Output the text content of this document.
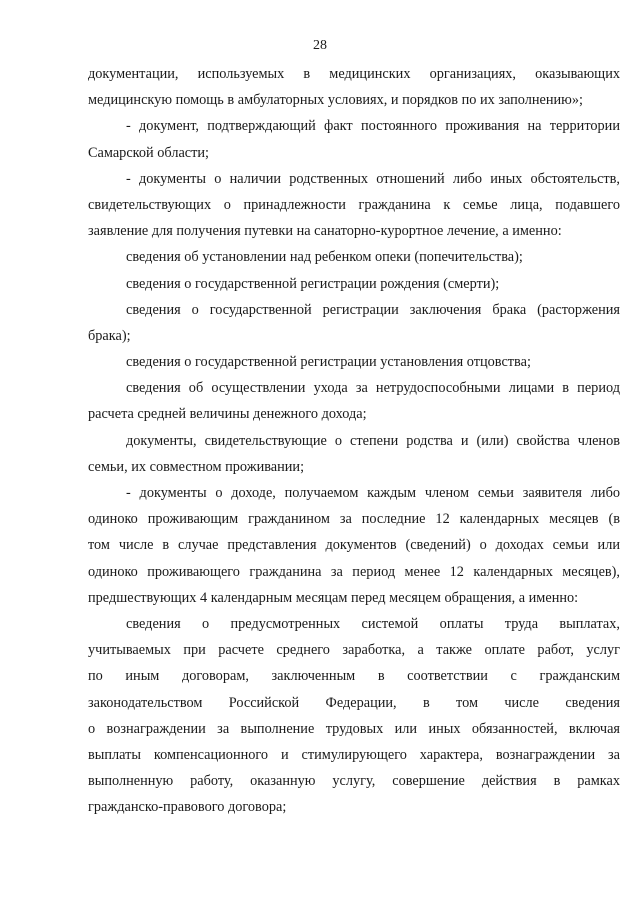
28
документации, используемых в медицинских организациях, оказывающих
медицинскую помощь в амбулаторных условиях, и порядков по их заполнению»;
- документ, подтверждающий факт постоянного проживания на территории
Самарской области;
- документы о наличии родственных отношений либо иных обстоятельств,
свидетельствующих о принадлежности гражданина к семье лица, подавшего
заявление для получения путевки на санаторно-курортное лечение, а именно:
сведения об установлении над ребенком опеки (попечительства);
сведения о государственной регистрации рождения (смерти);
сведения о государственной регистрации заключения брака (расторжения
брака);
сведения о государственной регистрации установления отцовства;
сведения об осуществлении ухода за нетрудоспособными лицами в период
расчета средней величины денежного дохода;
документы, свидетельствующие о степени родства и (или) свойства членов
семьи, их совместном проживании;
- документы о доходе, получаемом каждым членом семьи заявителя либо
одиноко проживающим гражданином за последние 12 календарных месяцев (в
том числе в случае представления документов (сведений) о доходах семьи или
одиноко проживающего гражданина за период менее 12 календарных месяцев),
предшествующих 4 календарным месяцам перед месяцем обращения, а именно:
сведения о предусмотренных системой оплаты труда выплатах,
учитываемых при расчете среднего заработка, а также оплате работ, услуг
по иным договорам, заключенным в соответствии с гражданским
законодательством Российской Федерации, в том числе сведения
о вознаграждении за выполнение трудовых или иных обязанностей, включая
выплаты компенсационного и стимулирующего характера, вознаграждении за
выполненную работу, оказанную услугу, совершение действия в рамках
гражданско-правового договора;
